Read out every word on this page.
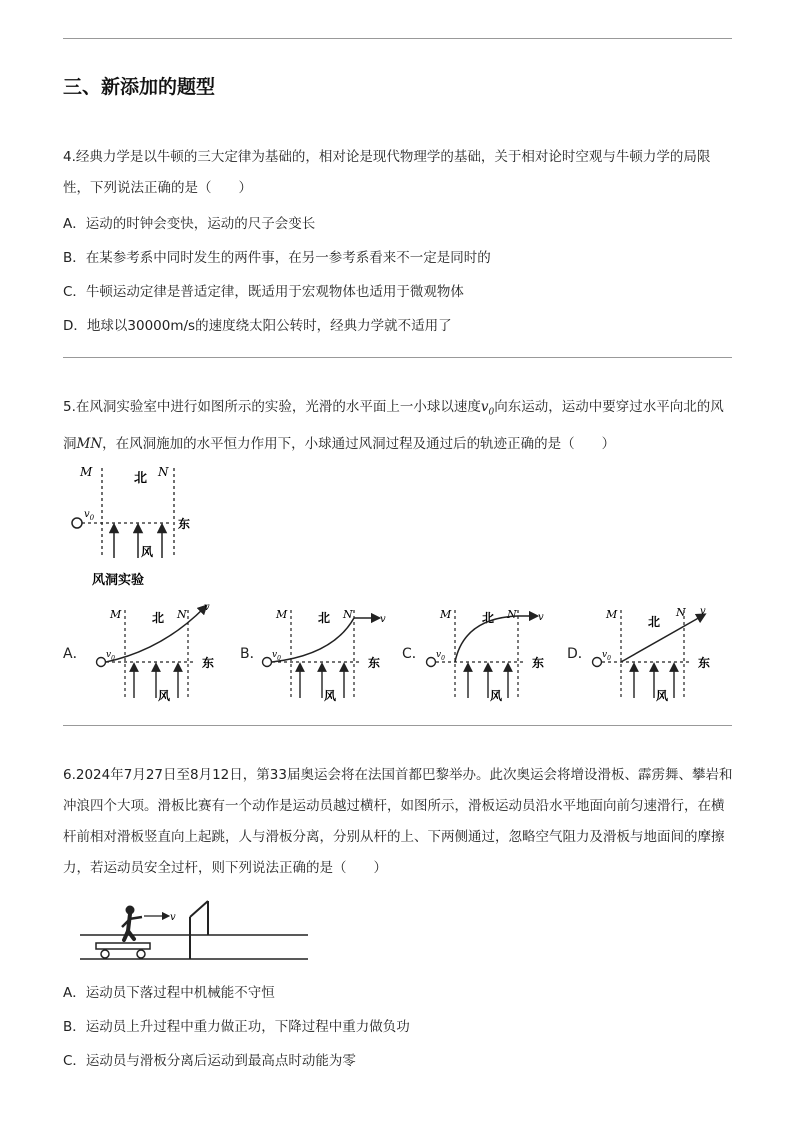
三、新添加的题型
4.经典力学是以牛顿的三大定律为基础的，相对论是现代物理学的基础，关于相对论时空观与牛顿力学的局限性，下列说法正确的是（　　）
A．运动的时钟会变快，运动的尺子会变长
B．在某参考系中同时发生的两件事，在另一参考系看来不一定是同时的
C．牛顿运动定律是普适定律，既适用于宏观物体也适用于微观物体
D．地球以30000m/s的速度绕太阳公转时，经典力学就不适用了
5.在风洞实验室中进行如图所示的实验，光滑的水平面上一小球以速度$v_0$向东运动，运动中要穿过水平向北的风洞MN，在风洞施加的水平恒力作用下，小球通过风洞过程及通过后的轨迹正确的是（　　）
M	北 N
$v_0$	东
风
风洞实验
A．	B．	C．	D．
M	北 N
$v_0$	东
v
风
M	北 N
$v_0$	东
v
风
M	北 N
$v_0$	东
v
风
M
北
N
$v_0$	东
v
风
6.2024年7月27日至8月12日，第33届奥运会将在法国首都巴黎举办。此次奥运会将增设滑板、霹雳舞、攀岩和冲浪四个大项。滑板比赛有一个动作是运动员越过横杆，如图所示，滑板运动员沿水平地面向前匀速滑行，在横杆前相对滑板竖直向上起跳，人与滑板分离，分别从杆的上、下两侧通过，忽略空气阻力及滑板与地面间的摩擦力，若运动员安全过杆，则下列说法正确的是（　　）
v
A．运动员下落过程中机械能不守恒
B．运动员上升过程中重力做正功，下降过程中重力做负功
C．运动员与滑板分离后运动到最高点时动能为零
